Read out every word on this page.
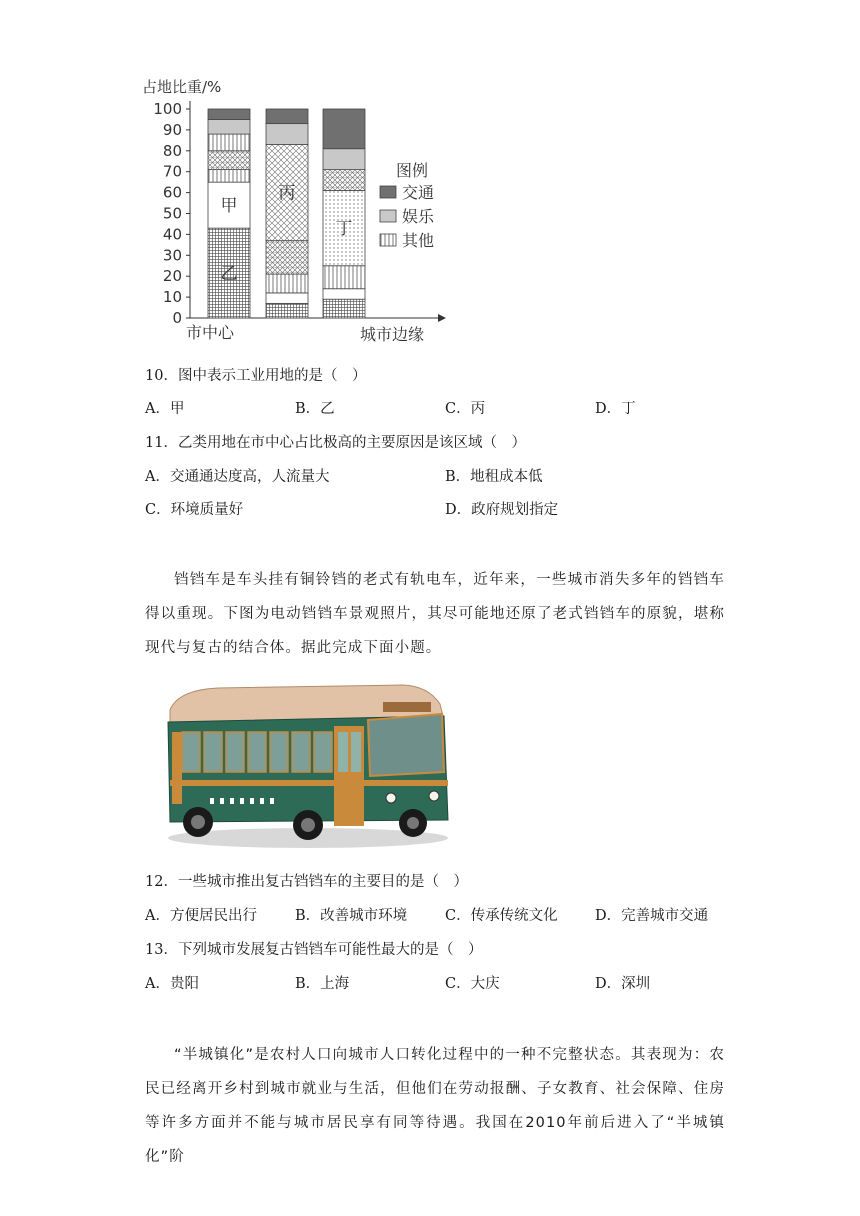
占地比重/%
0
10
20
30
40
50
60
70
80
90
100
市中心	城市边缘
乙
甲
丙
丁
图例
交通
娱乐
其他
10．图中表示工业用地的是（　）
A．甲	B．乙	C．丙	D．丁
11．乙类用地在市中心占比极高的主要原因是该区域（　）
A．交通通达度高，人流量大	B．地租成本低
C．环境质量好	D．政府规划指定

铛铛车是车头挂有铜铃铛的老式有轨电车，近年来，一些城市消失多年的铛铛车得以重现。下图为电动铛铛车景观照片，其尽可能地还原了老式铛铛车的原貌，堪称现代与复古的结合体。据此完成下面小题。

12．一些城市推出复古铛铛车的主要目的是（　）
A．方便居民出行	B．改善城市环境	C．传承传统文化	D．完善城市交通
13．下列城市发展复古铛铛车可能性最大的是（　）
A．贵阳	B．上海	C．大庆	D．深圳

“半城镇化”是农村人口向城市人口转化过程中的一种不完整状态。其表现为：农民已经离开乡村到城市就业与生活，但他们在劳动报酬、子女教育、社会保障、住房等许多方面并不能与城市居民享有同等待遇。我国在2010年前后进入了“半城镇化”阶
